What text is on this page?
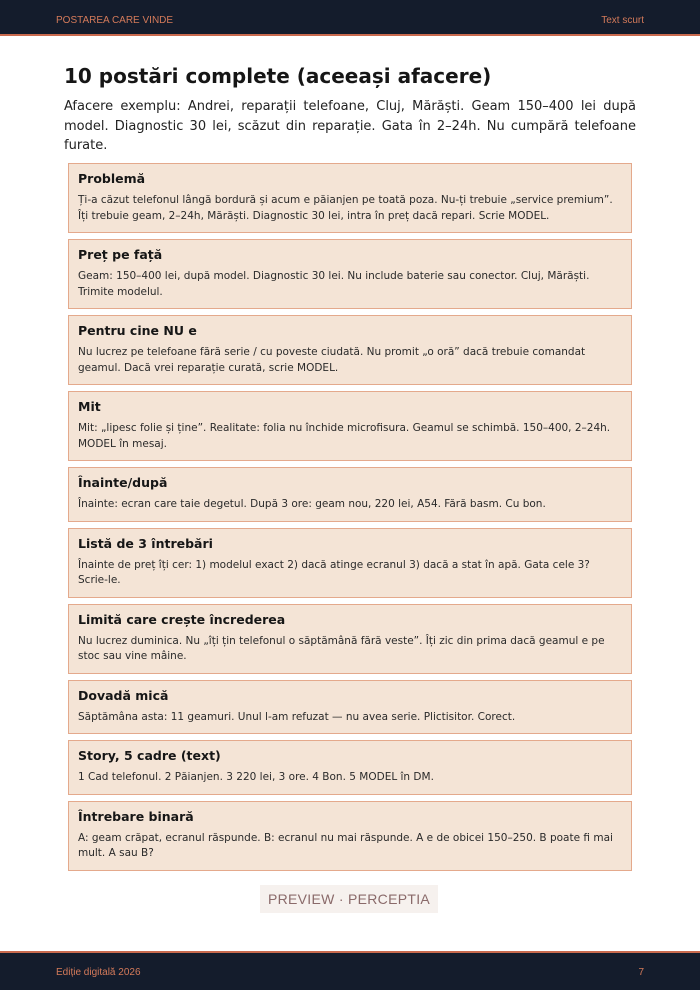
POSTAREA CARE VINDE	Text scurt
10 postări complete (aceeași afacere)

Afacere exemplu: Andrei, reparații telefoane, Cluj, Mărăști. Geam 150–400 lei după model. Diagnostic 30 lei, scăzut din reparație. Gata în 2–24h. Nu cumpără telefoane furate.

Problemă

Ți-a căzut telefonul lângă bordură și acum e păianjen pe toată poza. Nu-ți trebuie „service premium”. Îți trebuie geam, 2–24h, Mărăști. Diagnostic 30 lei, intra în preț dacă repari. Scrie MODEL.

Preț pe față

Geam: 150–400 lei, după model. Diagnostic 30 lei. Nu include baterie sau conector. Cluj, Mărăști. Trimite modelul.

Pentru cine NU e

Nu lucrez pe telefoane fără serie / cu poveste ciudată. Nu promit „o oră” dacă trebuie comandat geamul. Dacă vrei reparație curată, scrie MODEL.

Mit

Mit: „lipesc folie și ține”. Realitate: folia nu închide microfisura. Geamul se schimbă. 150–400, 2–24h. MODEL în mesaj.

Înainte/după

Înainte: ecran care taie degetul. După 3 ore: geam nou, 220 lei, A54. Fără basm. Cu bon.

Listă de 3 întrebări

Înainte de preț îți cer: 1) modelul exact 2) dacă atinge ecranul 3) dacă a stat în apă. Gata cele 3? Scrie-le.

Limită care crește încrederea

Nu lucrez duminica. Nu „îți țin telefonul o săptămână fără veste”. Îți zic din prima dacă geamul e pe stoc sau vine mâine.

Dovadă mică

Săptămâna asta: 11 geamuri. Unul l-am refuzat — nu avea serie. Plictisitor. Corect.

Story, 5 cadre (text)

1 Cad telefonul. 2 Păianjen. 3 220 lei, 3 ore. 4 Bon. 5 MODEL în DM.

Întrebare binară

A: geam crăpat, ecranul răspunde. B: ecranul nu mai răspunde. A e de obicei 150–250. B poate fi mai mult. A sau B?

PREVIEW · PERCEPTIA
Ediție digitală 2026	7
